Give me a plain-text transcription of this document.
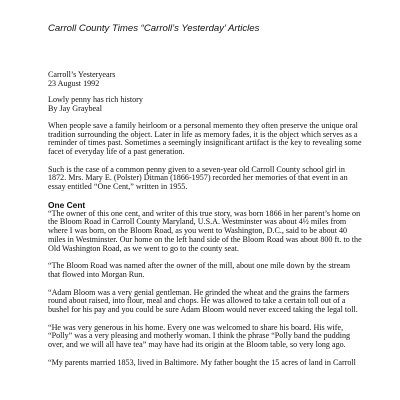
Carroll County Times “Carroll’s Yesterday’ Articles

Carroll’s Yesteryears

23 August 1992

Lowly penny has rich history

By Jay Graybeal

When people save a family heirloom or a personal memento they often preserve the unique oral
tradition surrounding the object. Later in life as memory fades, it is the object which serves as a
reminder of times past. Sometimes a seemingly insignificant artifact is the key to revealing some
facet of everyday life of a past generation.
Such is the case of a common penny given to a seven-year old Carroll County school girl in
1872. Mrs. Mary E. (Polster) Ditman (1866-1957) recorded her memories of that event in an
essay entitled “One Cent,” written in 1955.

One Cent

“The owner of this one cent, and writer of this true story, was born 1866 in her parent’s home on
the Bloom Road in Carroll County Maryland, U.S.A. Westminster was about 4½ miles from
where I was born, on the Bloom Road, as you went to Washington, D.C., said to be about 40
miles in Westminster. Our home on the left hand side of the Bloom Road was about 800 ft. to the
Old Washington Road, as we went to go to the county seat.
“The Bloom Road was named after the owner of the mill, about one mile down by the stream
that flowed into Morgan Run.
“Adam Bloom was a very genial gentleman. He grinded the wheat and the grains the farmers
round about raised, into flour, meal and chops. He was allowed to take a certain toll out of a
bushel for his pay and you could be sure Adam Bloom would never exceed taking the legal toll.
“He was very generous in his home. Every one was welcomed to share his board. His wife,
“Polly” was a very pleasing and motherly woman. I think the phrase “Polly band the pudding
over, and we will all have tea” may have had its origin at the Bloom table, so very long ago.
“My parents married 1853, lived in Baltimore. My father bought the 15 acres of land in Carroll
